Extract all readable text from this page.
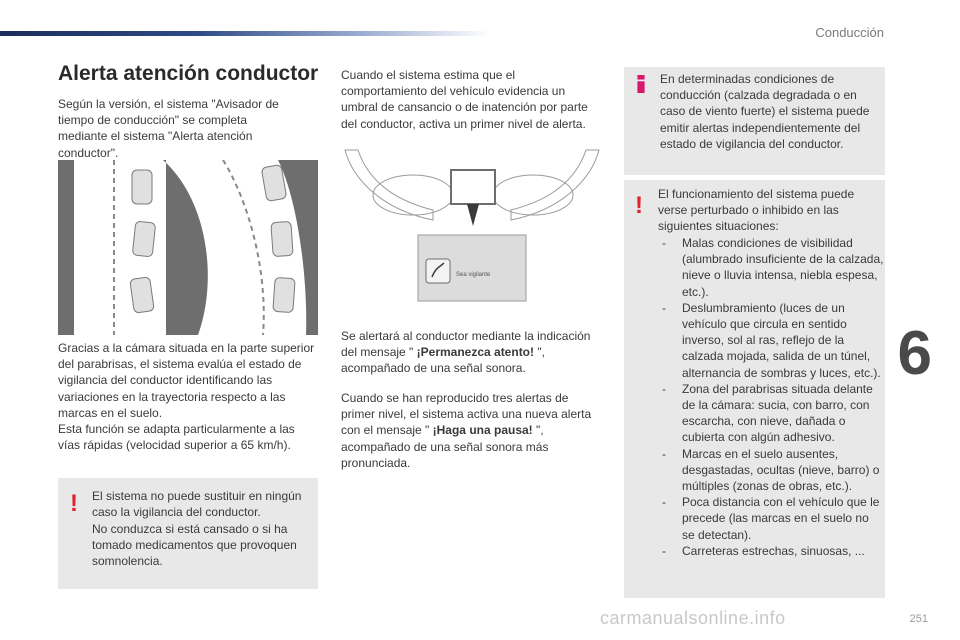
Conducción
6
251
Alerta atención conductor

Según la versión, el sistema "Avisador de tiempo de conducción" se completa mediante el sistema "Alerta atención conductor".

Gracias a la cámara situada en la parte superior del parabrisas, el sistema evalúa el estado de vigilancia del conductor identificando las variaciones en la trayectoria respecto a las marcas en el suelo.

Esta función se adapta particularmente a las vías rápidas (velocidad superior a 65 km/h).

! El sistema no puede sustituir en ningún caso la vigilancia del conductor.
No conduzca si está cansado o si ha tomado medicamentos que provoquen somnolencia.

Cuando el sistema estima que el comportamiento del vehículo evidencia un umbral de cansancio o de inatención por parte del conductor, activa un primer nivel de alerta.

Sea vigilante

Se alertará al conductor mediante la indicación del mensaje " ¡Permanezca atento! ", acompañado de una señal sonora.

Cuando se han reproducido tres alertas de primer nivel, el sistema activa una nueva alerta con el mensaje " ¡Haga una pausa! ", acompañado de una señal sonora más pronunciada.

En determinadas condiciones de conducción (calzada degradada o en caso de viento fuerte) el sistema puede emitir alertas independientemente del estado de vigilancia del conductor.
! El funcionamiento del sistema puede verse perturbado o inhibido en las siguientes situaciones:
- Malas condiciones de visibilidad (alumbrado insuficiente de la calzada, nieve o lluvia intensa, niebla espesa, etc.).
- Deslumbramiento (luces de un vehículo que circula en sentido inverso, sol al ras, reflejo de la calzada mojada, salida de un túnel, alternancia de sombras y luces, etc.).
- Zona del parabrisas situada delante de la cámara: sucia, con barro, con escarcha, con nieve, dañada o cubierta con algún adhesivo.
- Marcas en el suelo ausentes, desgastadas, ocultas (nieve, barro) o múltiples (zonas de obras, etc.).
- Poca distancia con el vehículo que le precede (las marcas en el suelo no se detectan).
- Carreteras estrechas, sinuosas, ...
carmanualsonline.info
